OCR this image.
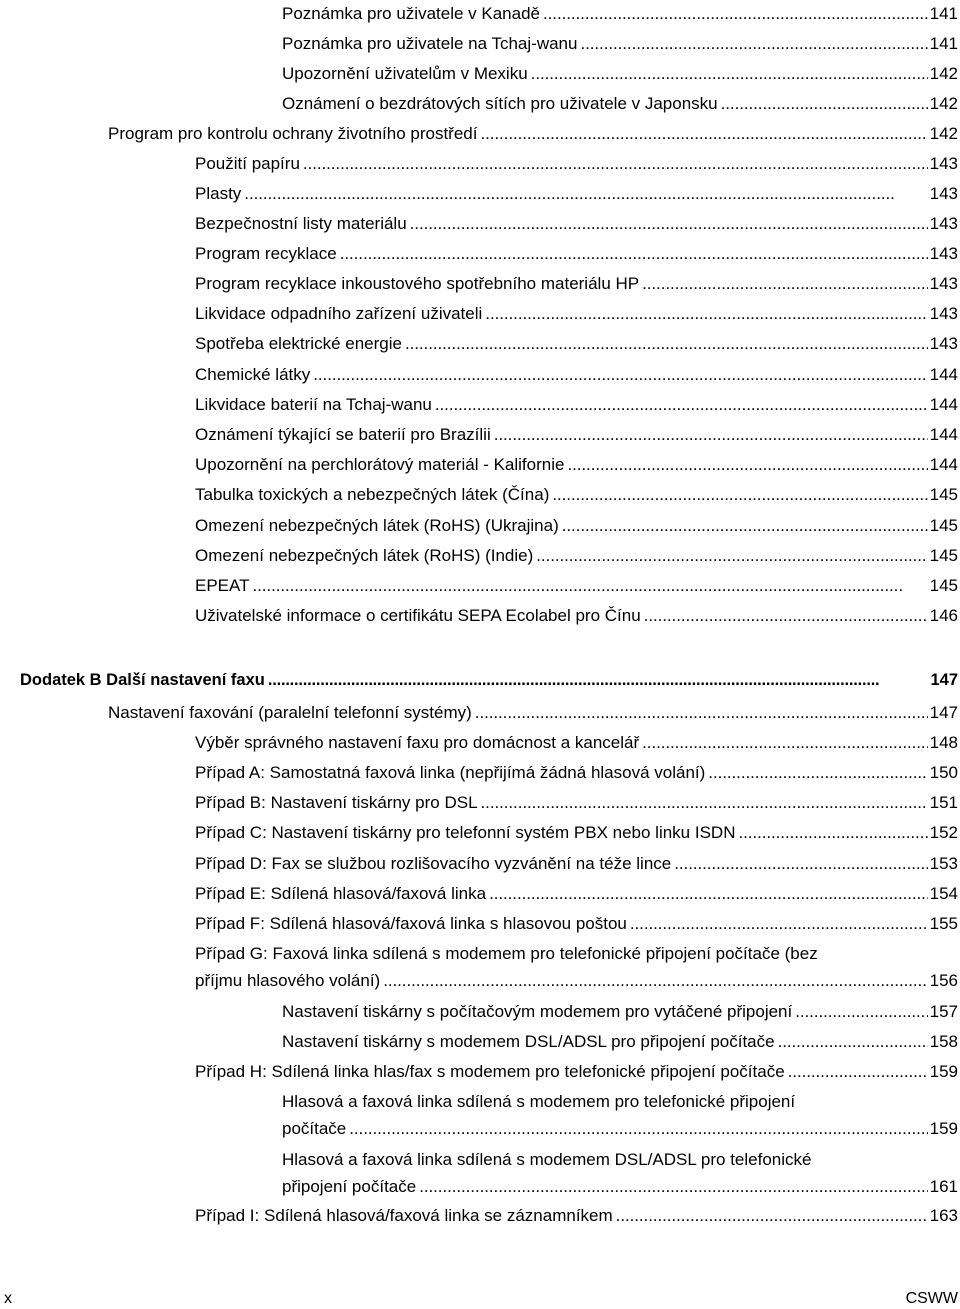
Poznámka pro uživatele v Kanadě . . .	141
Poznámka pro uživatele na Tchaj-wanu . . .	141
Upozornění uživatelům v Mexiku . . .	142
Oznámení o bezdrátových sítích pro uživatele v Japonsku . . .	142
Program pro kontrolu ochrany životního prostředí . . .	142
Použití papíru . . .	143
Plasty . . .	143
Bezpečnostní listy materiálu . . .	143
Program recyklace . . .	143
Program recyklace inkoustového spotřebního materiálu HP . . .	143
Likvidace odpadního zařízení uživateli . . .	143
Spotřeba elektrické energie . . .	143
Chemické látky . . .	144
Likvidace baterií na Tchaj-wanu . . .	144
Oznámení týkající se baterií pro Brazílii . . .	144
Upozornění na perchlorátový materiál - Kalifornie . . .	144
Tabulka toxických a nebezpečných látek (Čína) . . .	145
Omezení nebezpečných látek (RoHS) (Ukrajina) . . .	145
Omezení nebezpečných látek (RoHS) (Indie) . . .	145
EPEAT . . .	145
Uživatelské informace o certifikátu SEPA Ecolabel pro Čínu . . .	146
Dodatek B Další nastavení faxu . . .	147
Nastavení faxování (paralelní telefonní systémy) . . .	147
Výběr správného nastavení faxu pro domácnost a kancelář . . .	148
Případ A: Samostatná faxová linka (nepřijímá žádná hlasová volání) . . .	150
Případ B: Nastavení tiskárny pro DSL . . .	151
Případ C: Nastavení tiskárny pro telefonní systém PBX nebo linku ISDN . . .	152
Případ D: Fax se službou rozlišovacího vyzvánění na téže lince . . .	153
Případ E: Sdílená hlasová/faxová linka . . .	154
Případ F: Sdílená hlasová/faxová linka s hlasovou poštou . . .	155
Případ G: Faxová linka sdílená s modemem pro telefonické připojení počítače (bez
příjmu hlasového volání) . . .	156
Nastavení tiskárny s počítačovým modemem pro vytáčené připojení . . .	157
Nastavení tiskárny s modemem DSL/ADSL pro připojení počítače . . .	158
Případ H: Sdílená linka hlas/fax s modemem pro telefonické připojení počítače . . .	159
Hlasová a faxová linka sdílená s modemem pro telefonické připojení
počítače . . .	159
Hlasová a faxová linka sdílená s modemem DSL/ADSL pro telefonické
připojení počítače . . .	161
Případ I: Sdílená hlasová/faxová linka se záznamníkem . . .	163
x	CSWW
